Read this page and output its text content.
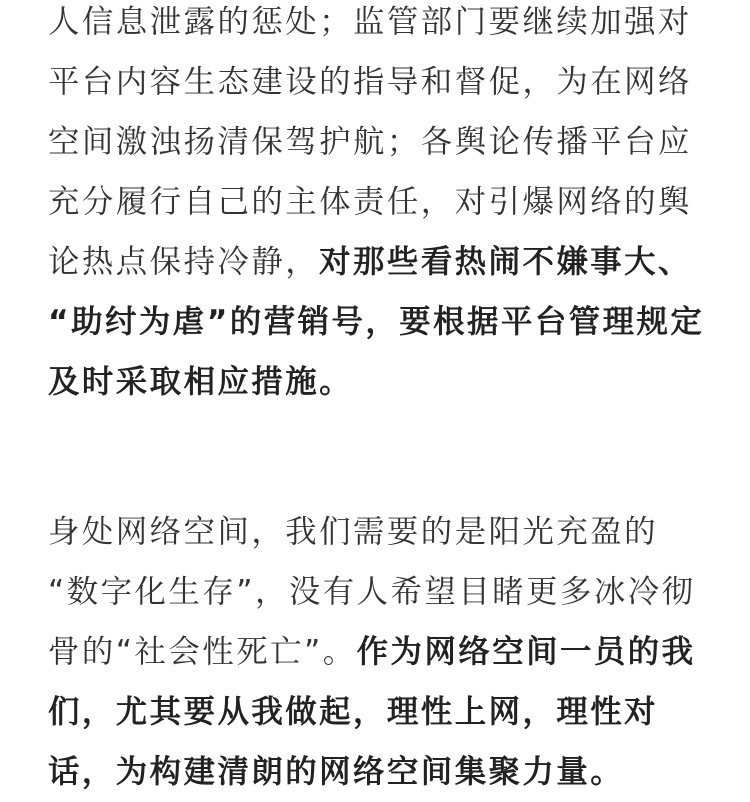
人信息泄露的惩处；监管部门要继续加强对
平台内容生态建设的指导和督促，为在网络
空间激浊扬清保驾护航；各舆论传播平台应
充分履行自己的主体责任，对引爆网络的舆
论热点保持冷静，对那些看热闹不嫌事大、
“助纣为虐”的营销号，要根据平台管理规定
及时采取相应措施。

身处网络空间，我们需要的是阳光充盈的
“数字化生存”，没有人希望目睹更多冰冷彻
骨的“社会性死亡”。作为网络空间一员的我
们，尤其要从我做起，理性上网，理性对
话，为构建清朗的网络空间集聚力量。
